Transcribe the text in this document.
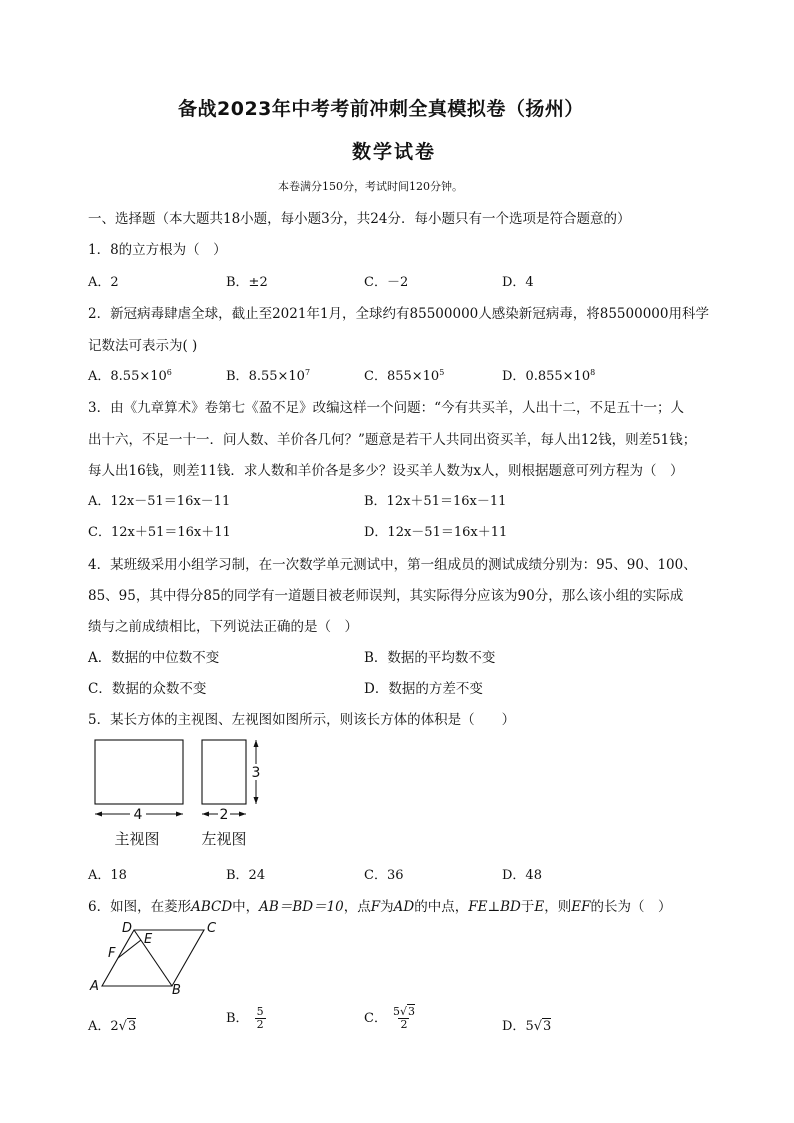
备战2023年中考考前冲刺全真模拟卷（扬州）
数学试卷
本卷满分150分，考试时间120分钟。
一、选择题（本大题共18小题，每小题3分，共24分．每小题只有一个选项是符合题意的）
1．8的立方根为（　）
A．2	B．±2	C．－2	D．4
2．新冠病毒肆虐全球，截止至2021年1月，全球约有85500000人感染新冠病毒，将85500000用科学
记数法可表示为( )
A．$8.55\times 10^6$	B．$8.55\times 10^7$	C．$855\times 10^5$	D．$0.855\times 10^8$
3．由《九章算术》卷第七《盈不足》改编这样一个问题：“今有共买羊，人出十二，不足五十一；人
出十六，不足一十一．问人数、羊价各几何？”题意是若干人共同出资买羊，每人出12钱，则差51钱；
每人出16钱，则差11钱．求人数和羊价各是多少？设买羊人数为x人，则根据题意可列方程为（　）
A．12x－51＝16x－11	B．12x＋51＝16x－11
C．12x＋51＝16x＋11	D．12x－51＝16x＋11
4．某班级采用小组学习制，在一次数学单元测试中，第一组成员的测试成绩分别为：95、90、100、
85、95，其中得分85的同学有一道题目被老师误判，其实际得分应该为90分，那么该小组的实际成
绩与之前成绩相比，下列说法正确的是（　）
A．数据的中位数不变	B．数据的平均数不变
C．数据的众数不变	D．数据的方差不变
5．某长方体的主视图、左视图如图所示，则该长方体的体积是（　　）
4	2
3
主视图	左视图
A．18	B．24	C．36	D．48
6．如图，在菱形ABCD中，AB＝BD＝10，点F为AD的中点，FE⊥BD于E，则EF的长为（　）
A	B
C
D
E
F
A．2√3
B． $\frac{5}{2}$	C． $\frac{5√3}{2}$	D．5√3
